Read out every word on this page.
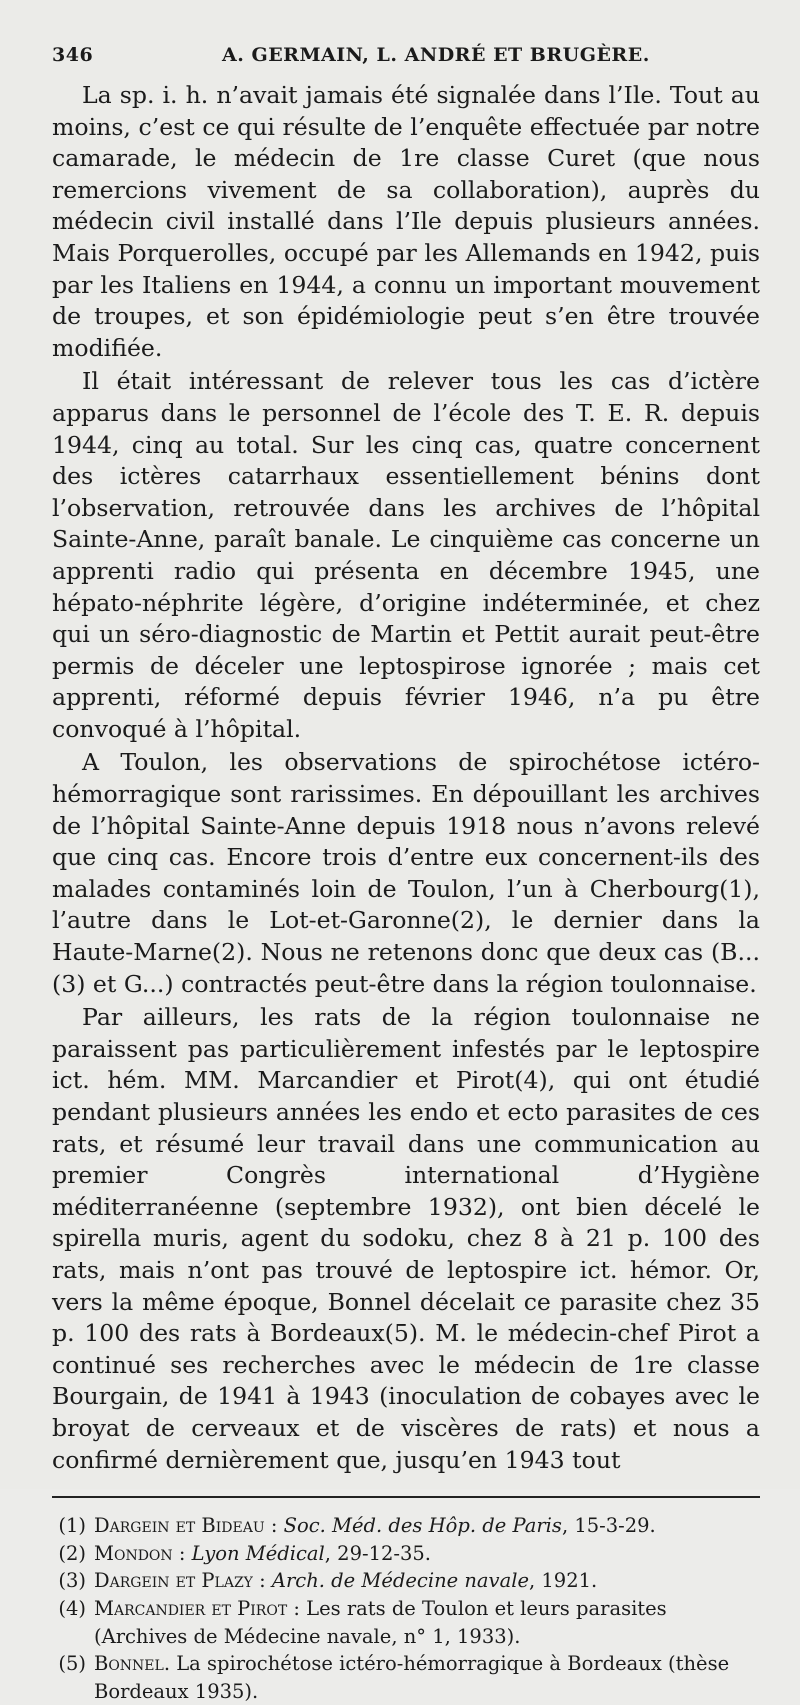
346	A. GERMAIN, L. ANDRÉ ET BRUGÈRE.

La sp. i. h. n’avait jamais été signalée dans l’Ile. Tout au moins, c’est ce qui résulte de l’enquête effectuée par notre camarade, le médecin de 1re classe Curet (que nous remercions vivement de sa collaboration), auprès du médecin civil installé dans l’Ile depuis plusieurs années. Mais Porquerolles, occupé par les Allemands en 1942, puis par les Italiens en 1944, a connu un important mouvement de troupes, et son épidémiologie peut s’en être trouvée modifiée.

Il était intéressant de relever tous les cas d’ictère apparus dans le personnel de l’école des T. E. R. depuis 1944, cinq au total. Sur les cinq cas, quatre concernent des ictères catarrhaux essentiellement bénins dont l’observation, retrouvée dans les archives de l’hôpital Sainte-Anne, paraît banale. Le cinquième cas concerne un apprenti radio qui présenta en décembre 1945, une hépato-néphrite légère, d’origine indéterminée, et chez qui un séro-diagnostic de Martin et Pettit aurait peut-être permis de déceler une leptospirose ignorée ; mais cet apprenti, réformé depuis février 1946, n’a pu être convoqué à l’hôpital.

A Toulon, les observations de spirochétose ictéro-hémorragique sont rarissimes. En dépouillant les archives de l’hôpital Sainte-Anne depuis 1918 nous n’avons relevé que cinq cas. Encore trois d’entre eux concernent-ils des malades contaminés loin de Toulon, l’un à Cherbourg(1), l’autre dans le Lot-et-Garonne(2), le dernier dans la Haute-Marne(2). Nous ne retenons donc que deux cas (B...(3) et G...) contractés peut-être dans la région toulonnaise.

Par ailleurs, les rats de la région toulonnaise ne paraissent pas particulièrement infestés par le leptospire ict. hém. MM. Marcandier et Pirot(4), qui ont étudié pendant plusieurs années les endo et ecto parasites de ces rats, et résumé leur travail dans une communication au premier Congrès international d’Hygiène méditerranéenne (septembre 1932), ont bien décelé le spirella muris, agent du sodoku, chez 8 à 21 p. 100 des rats, mais n’ont pas trouvé de leptospire ict. hémor. Or, vers la même époque, Bonnel décelait ce parasite chez 35 p. 100 des rats à Bordeaux(5). M. le médecin-chef Pirot a continué ses recherches avec le médecin de 1re classe Bourgain, de 1941 à 1943 (inoculation de cobayes avec le broyat de cerveaux et de viscères de rats) et nous a confirmé dernièrement que, jusqu’en 1943 tout

(1) Dargein et Bideau : Soc. Méd. des Hôp. de Paris, 15-3-29.
(2) Mondon : Lyon Médical, 29-12-35.
(3) Dargein et Plazy : Arch. de Médecine navale, 1921.
(4) Marcandier et Pirot : Les rats de Toulon et leurs parasites (Archives de Médecine navale, n° 1, 1933).
(5) Bonnel. La spirochétose ictéro-hémorragique à Bordeaux (thèse Bordeaux 1935).
